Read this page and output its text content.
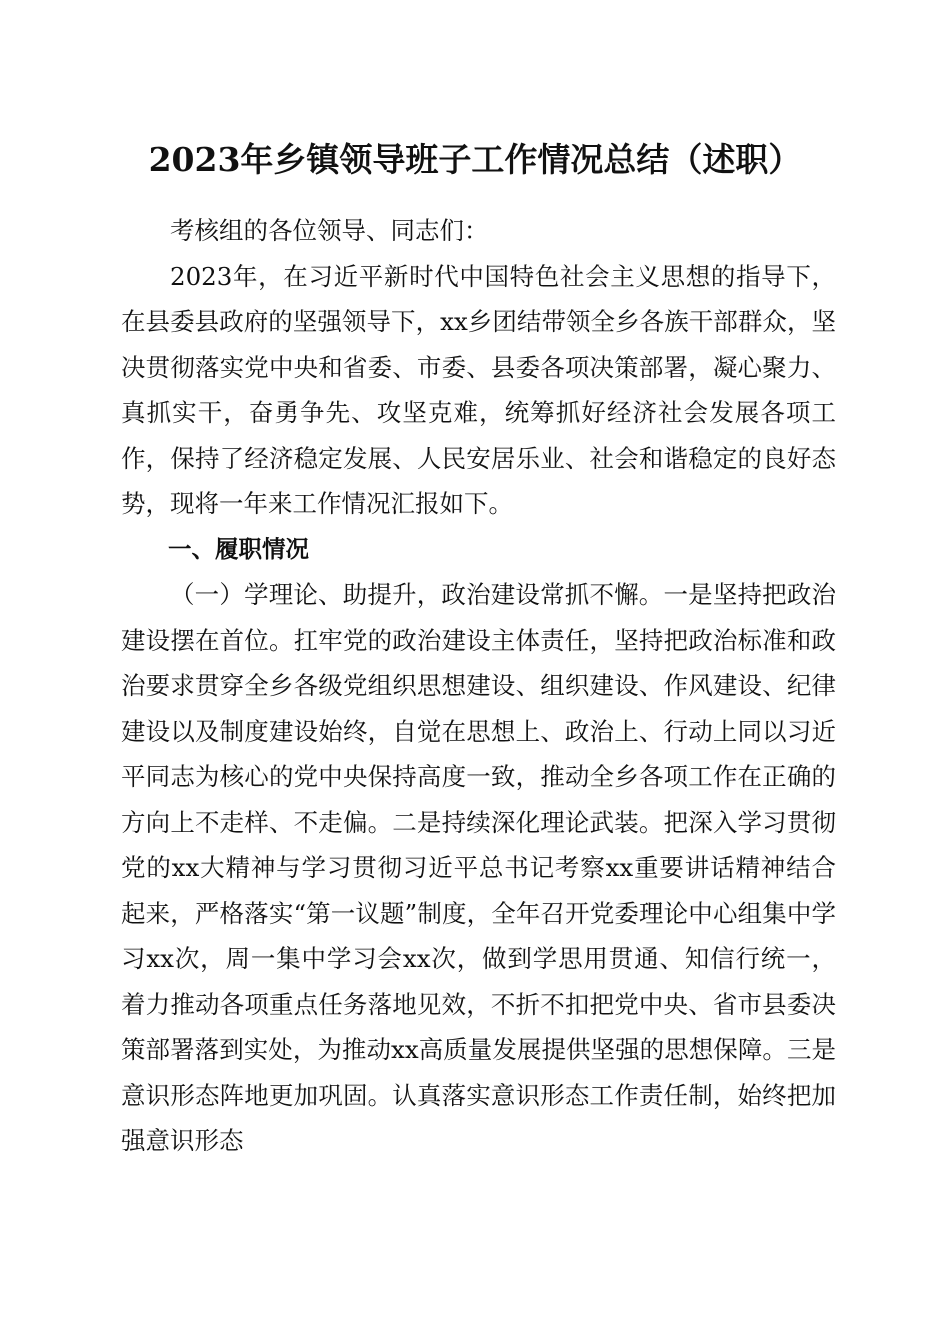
2023年乡镇领导班子工作情况总结（述职）

考核组的各位领导、同志们：

2023年，在习近平新时代中国特色社会主义思想的指导下，在县委县政府的坚强领导下，xx乡团结带领全乡各族干部群众，坚决贯彻落实党中央和省委、市委、县委各项决策部署，凝心聚力、真抓实干，奋勇争先、攻坚克难，统筹抓好经济社会发展各项工作，保持了经济稳定发展、人民安居乐业、社会和谐稳定的良好态势，现将一年来工作情况汇报如下。

一、履职情况

（一）学理论、助提升，政治建设常抓不懈。一是坚持把政治建设摆在首位。扛牢党的政治建设主体责任，坚持把政治标准和政治要求贯穿全乡各级党组织思想建设、组织建设、作风建设、纪律建设以及制度建设始终，自觉在思想上、政治上、行动上同以习近平同志为核心的党中央保持高度一致，推动全乡各项工作在正确的方向上不走样、不走偏。二是持续深化理论武装。把深入学习贯彻党的xx大精神与学习贯彻习近平总书记考察xx重要讲话精神结合起来，严格落实“第一议题”制度，全年召开党委理论中心组集中学习xx次，周一集中学习会xx次，做到学思用贯通、知信行统一，着力推动各项重点任务落地见效，不折不扣把党中央、省市县委决策部署落到实处，为推动xx高质量发展提供坚强的思想保障。三是意识形态阵地更加巩固。认真落实意识形态工作责任制，始终把加强意识形态
